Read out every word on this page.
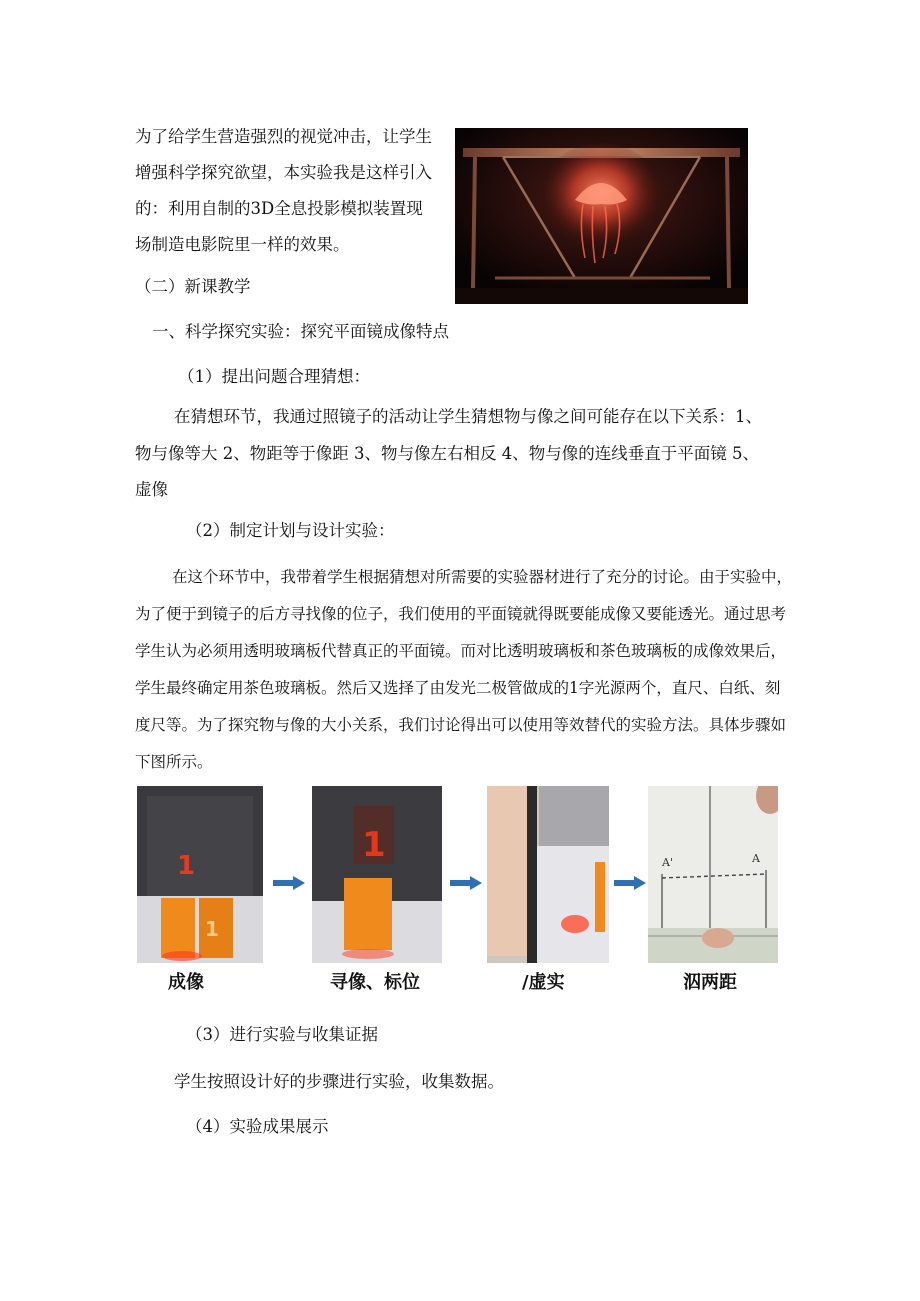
为了给学生营造强烈的视觉冲击，让学生
增强科学探究欲望，本实验我是这样引入
的：利用自制的3D全息投影模拟装置现
场制造电影院里一样的效果。
（二）新课教学
一、科学探究实验：探究平面镜成像特点
（1）提出问题合理猜想：
在猜想环节，我通过照镜子的活动让学生猜想物与像之间可能存在以下关系：1、
物与像等大 2、物距等于像距 3、物与像左右相反 4、物与像的连线垂直于平面镜 5、
虚像
（2）制定计划与设计实验：
在这个环节中，我带着学生根据猜想对所需要的实验器材进行了充分的讨论。由于实验中，
为了便于到镜子的后方寻找像的位子，我们使用的平面镜就得既要能成像又要能透光。通过思考
学生认为必须用透明玻璃板代替真正的平面镜。而对比透明玻璃板和茶色玻璃板的成像效果后，
学生最终确定用茶色玻璃板。然后又选择了由发光二极管做成的1字光源两个，直尺、白纸、刻
度尺等。为了探究物与像的大小关系，我们讨论得出可以使用等效替代的实验方法。具体步骤如
下图所示。
1
1
1	A'	A
成像	寻像、标位	/虚实	泅两距
（3）进行实验与收集证据
学生按照设计好的步骤进行实验，收集数据。
（4）实验成果展示
